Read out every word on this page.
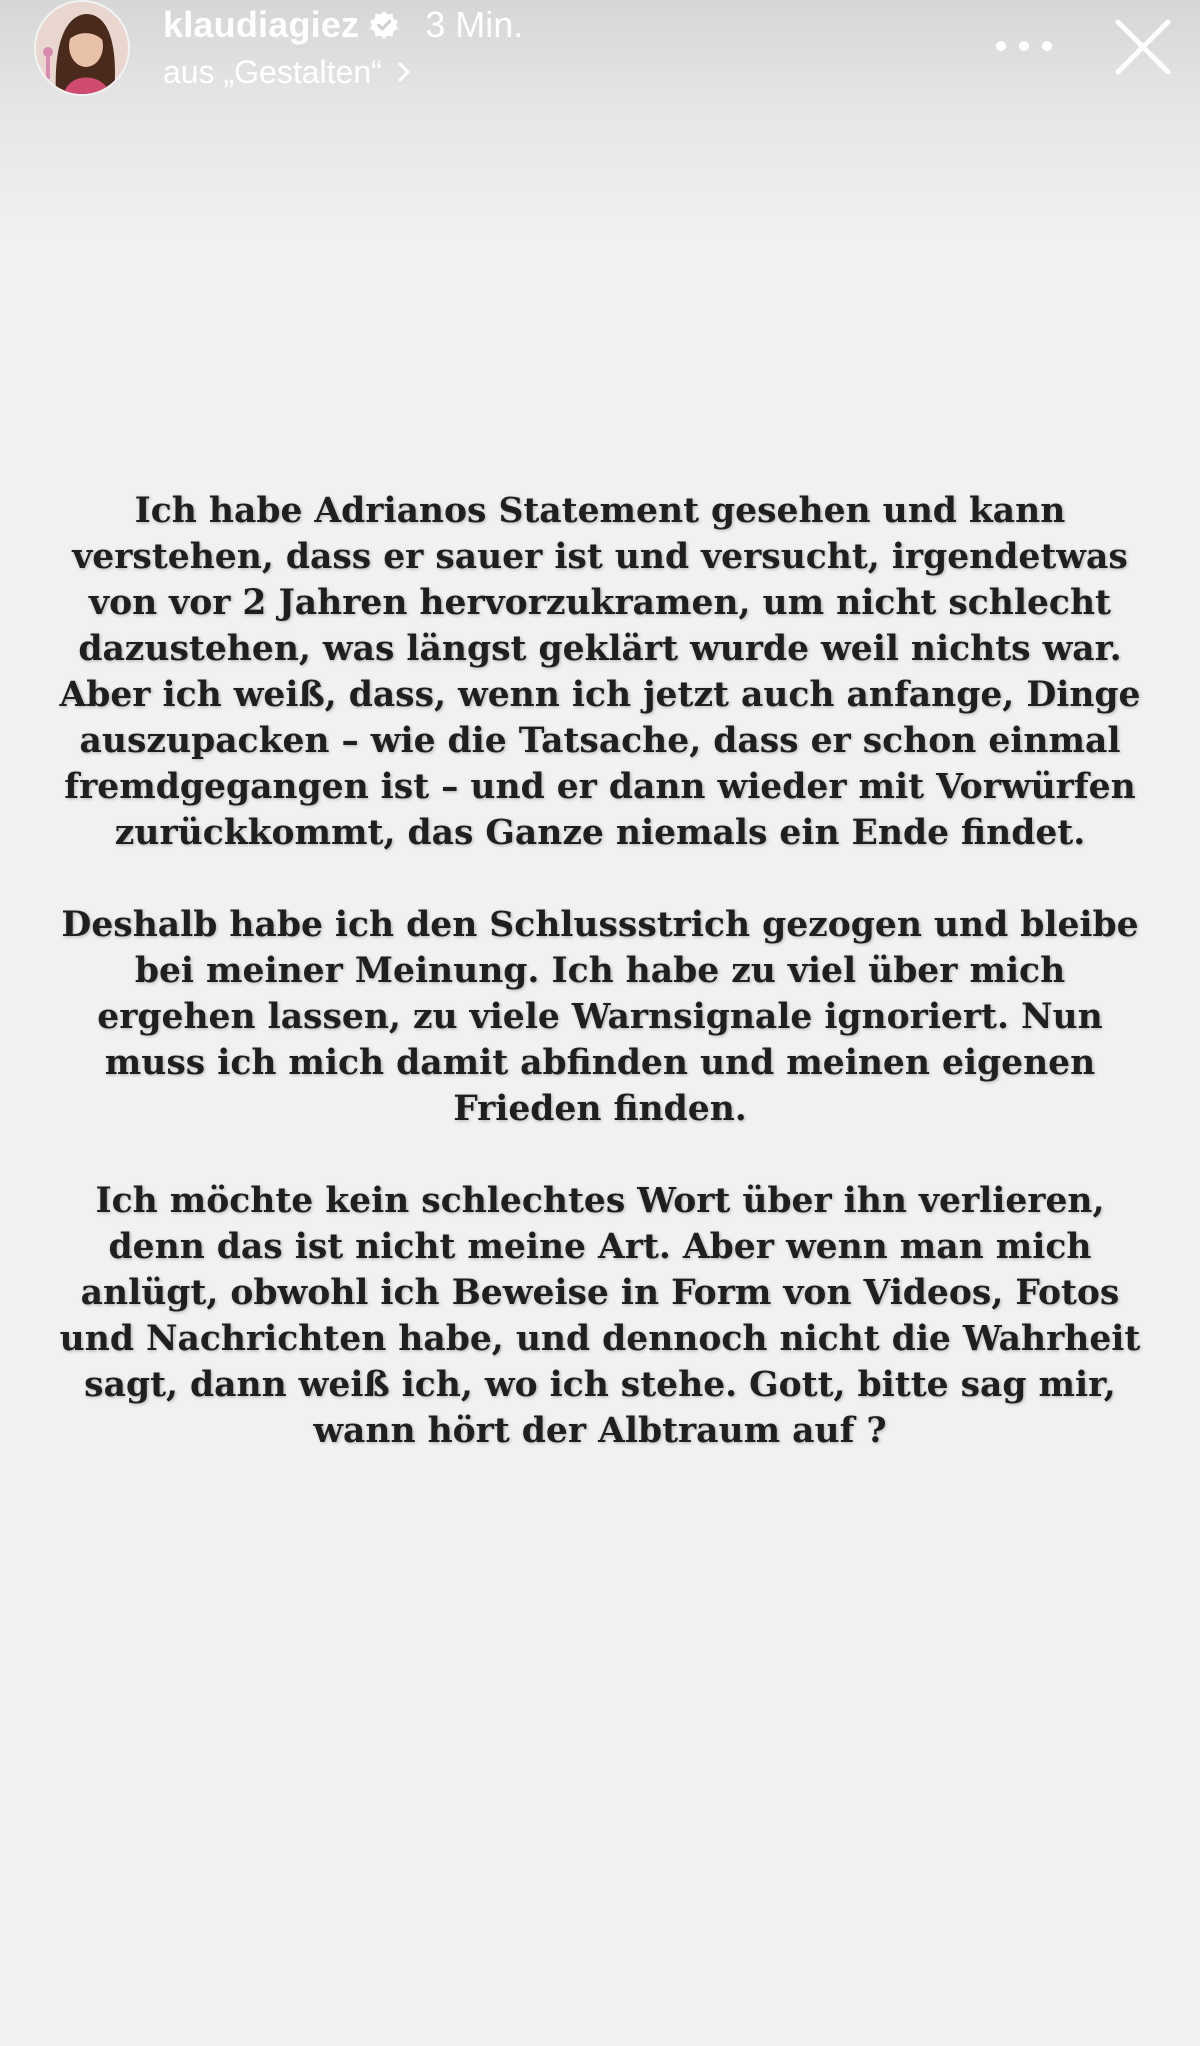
klaudiagiez 3 Min.
aus „Gestalten“

Ich habe Adrianos Statement gesehen und kann verstehen, dass er sauer ist und versucht, irgendetwas von vor 2 Jahren hervorzukramen, um nicht schlecht dazustehen, was längst geklärt wurde weil nichts war. Aber ich weiß, dass, wenn ich jetzt auch anfange, Dinge auszupacken – wie die Tatsache, dass er schon einmal fremdgegangen ist – und er dann wieder mit Vorwürfen zurückkommt, das Ganze niemals ein Ende findet.

Deshalb habe ich den Schlussstrich gezogen und bleibe bei meiner Meinung. Ich habe zu viel über mich ergehen lassen, zu viele Warnsignale ignoriert. Nun muss ich mich damit abfinden und meinen eigenen Frieden finden.

Ich möchte kein schlechtes Wort über ihn verlieren, denn das ist nicht meine Art. Aber wenn man mich anlügt, obwohl ich Beweise in Form von Videos, Fotos und Nachrichten habe, und dennoch nicht die Wahrheit sagt, dann weiß ich, wo ich stehe. Gott, bitte sag mir, wann hört der Albtraum auf ?
